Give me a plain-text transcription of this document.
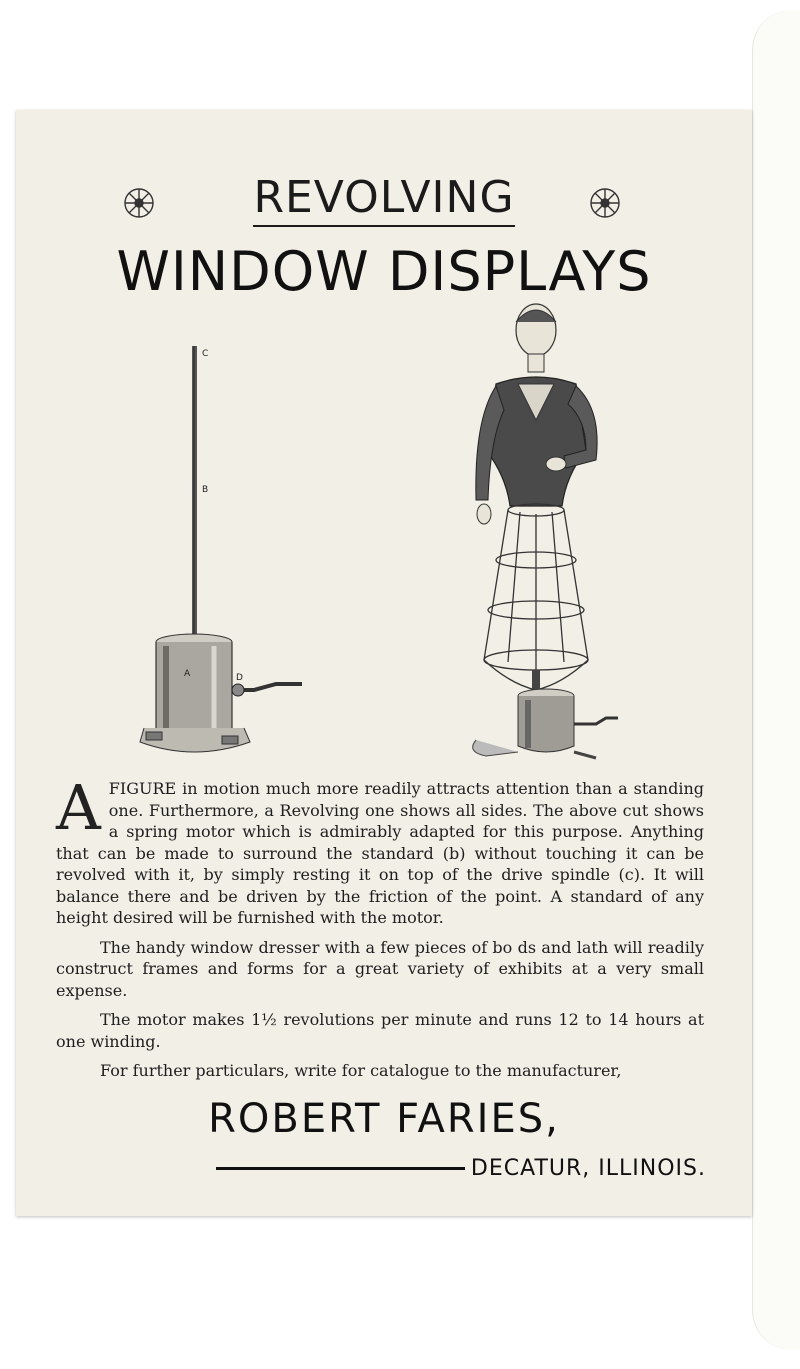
REVOLVING
WINDOW DISPLAYS
C
B
A	D

A FIGURE in motion much more readily attracts attention than a standing one. Furthermore, a Revolving one shows all sides. The above cut shows a spring motor which is admirably adapted for this purpose. Anything that can be made to surround the standard (b) without touching it can be revolved with it, by simply resting it on top of the drive spindle (c). It will balance there and be driven by the friction of the point. A standard of any height desired will be furnished with the motor.

The handy window dresser with a few pieces of bo ds and lath will readily construct frames and forms for a great variety of exhibits at a very small expense.

The motor makes 1½ revolutions per minute and runs 12 to 14 hours at one winding.

For further particulars, write for catalogue to the manufacturer,

ROBERT FARIES,
DECATUR, ILLINOIS.
